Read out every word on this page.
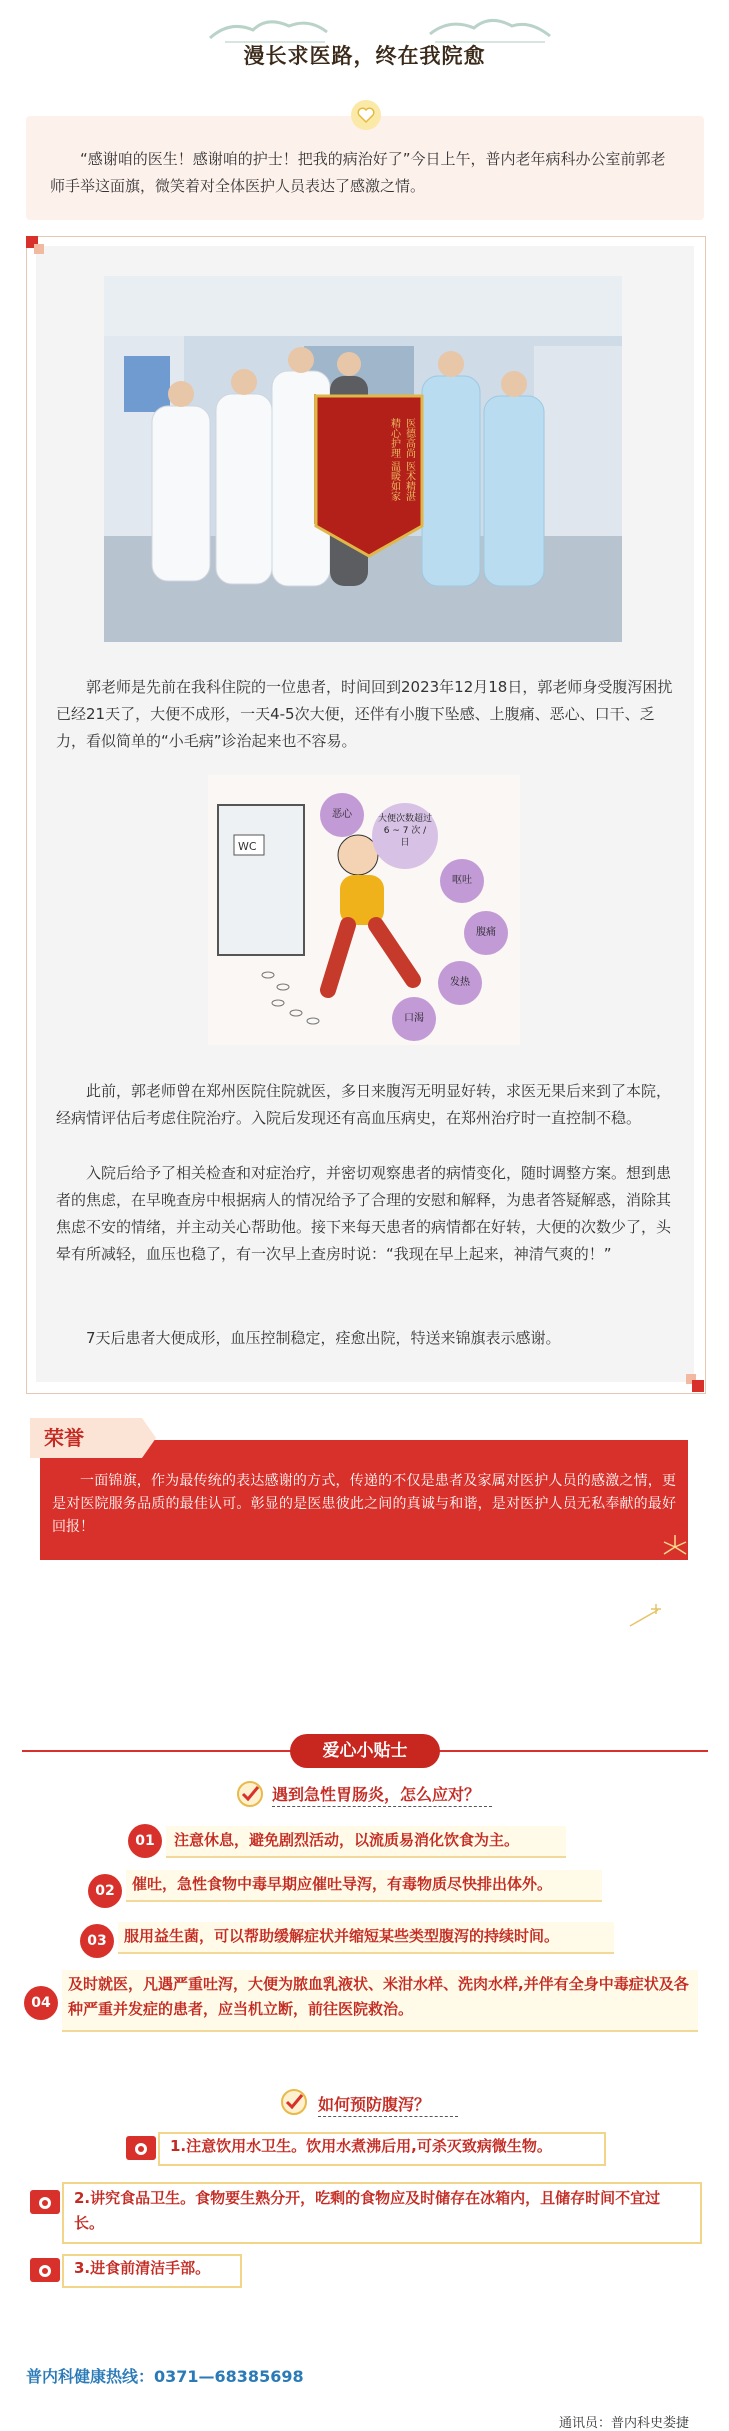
漫长求医路，终在我院愈
“感谢咱的医生！感谢咱的护士！把我的病治好了”今日上午，普内老年病科办公室前郭老师手举这面旗，微笑着对全体医护人员表达了感激之情。
医德高尚 医术精湛
精心护理 温暖如家
郭老师是先前在我科住院的一位患者，时间回到2023年12月18日，郭老师身受腹泻困扰已经21天了，大便不成形，一天4-5次大便，还伴有小腹下坠感、上腹痛、恶心、口干、乏力，看似简单的“小毛病”诊治起来也不容易。
WC
恶心	大便次数超过 6 ~ 7 次 / 日
呕吐
腹痛
发热
口渴
此前，郭老师曾在郑州医院住院就医，多日来腹泻无明显好转，求医无果后来到了本院，经病情评估后考虑住院治疗。入院后发现还有高血压病史，在郑州治疗时一直控制不稳。
入院后给予了相关检查和对症治疗，并密切观察患者的病情变化，随时调整方案。想到患者的焦虑，在早晚查房中根据病人的情况给予了合理的安慰和解释，为患者答疑解惑，消除其焦虑不安的情绪，并主动关心帮助他。接下来每天患者的病情都在好转，大便的次数少了，头晕有所减轻，血压也稳了，有一次早上查房时说：“我现在早上起来，神清气爽的！”
7天后患者大便成形，血压控制稳定，痊愈出院，特送来锦旗表示感谢。
荣誉
一面锦旗，作为最传统的表达感谢的方式，传递的不仅是患者及家属对医护人员的感激之情，更是对医院服务品质的最佳认可。彰显的是医患彼此之间的真诚与和谐，是对医护人员无私奉献的最好回报！
爱心小贴士
遇到急性胃肠炎，怎么应对？
01	注意休息，避免剧烈活动，以流质易消化饮食为主。
02	催吐，急性食物中毒早期应催吐导泻，有毒物质尽快排出体外。
03	服用益生菌，可以帮助缓解症状并缩短某些类型腹泻的持续时间。
04
及时就医，凡遇严重吐泻，大便为脓血乳液状、米泔水样、洗肉水样,并伴有全身中毒症状及各种严重并发症的患者，应当机立断，前往医院救治。
如何预防腹泻？
1.注意饮用水卫生。饮用水煮沸后用,可杀灭致病微生物。
2.讲究食品卫生。食物要生熟分开，吃剩的食物应及时储存在冰箱内，且储存时间不宜过长。
3.进食前清洁手部。
普内科健康热线：0371—68385698
通讯员：普内科史娄捷
